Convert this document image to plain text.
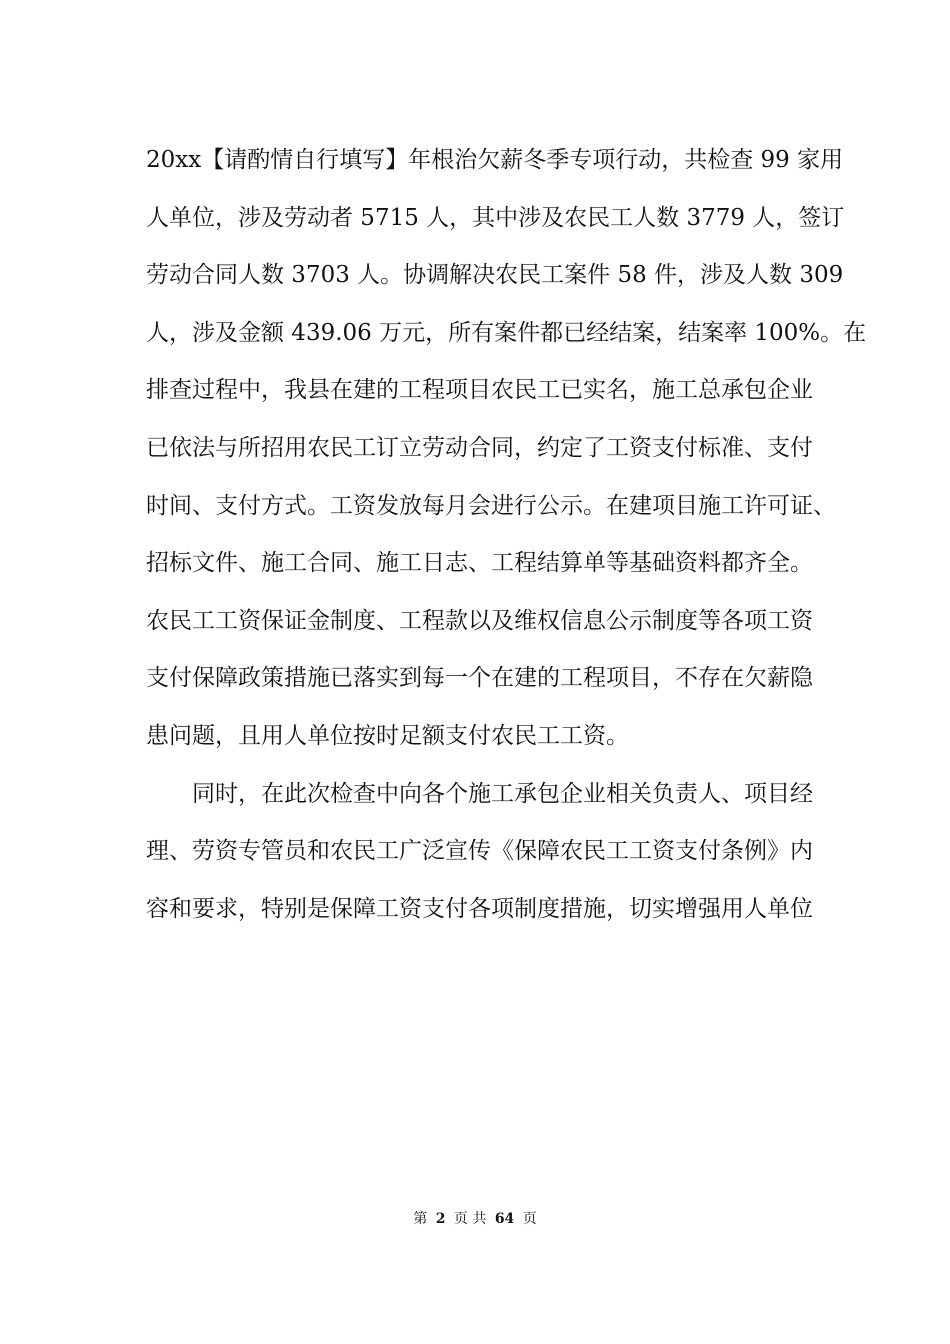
20xx【请酌情自行填写】年根治欠薪冬季专项行动，共检查 99 家用
人单位，涉及劳动者 5715 人，其中涉及农民工人数 3779 人，签订
劳动合同人数 3703 人。协调解决农民工案件 58 件，涉及人数 309
人，涉及金额 439.06 万元，所有案件都已经结案，结案率 100%。在
排查过程中，我县在建的工程项目农民工已实名，施工总承包企业
已依法与所招用农民工订立劳动合同，约定了工资支付标准、支付
时间、支付方式。工资发放每月会进行公示。在建项目施工许可证、
招标文件、施工合同、施工日志、工程结算单等基础资料都齐全。
农民工工资保证金制度、工程款以及维权信息公示制度等各项工资
支付保障政策措施已落实到每一个在建的工程项目，不存在欠薪隐
患问题，且用人单位按时足额支付农民工工资。
同时，在此次检查中向各个施工承包企业相关负责人、项目经
理、劳资专管员和农民工广泛宣传《保障农民工工资支付条例》内
容和要求，特别是保障工资支付各项制度措施，切实增强用人单位
第 2 页 共 64 页
